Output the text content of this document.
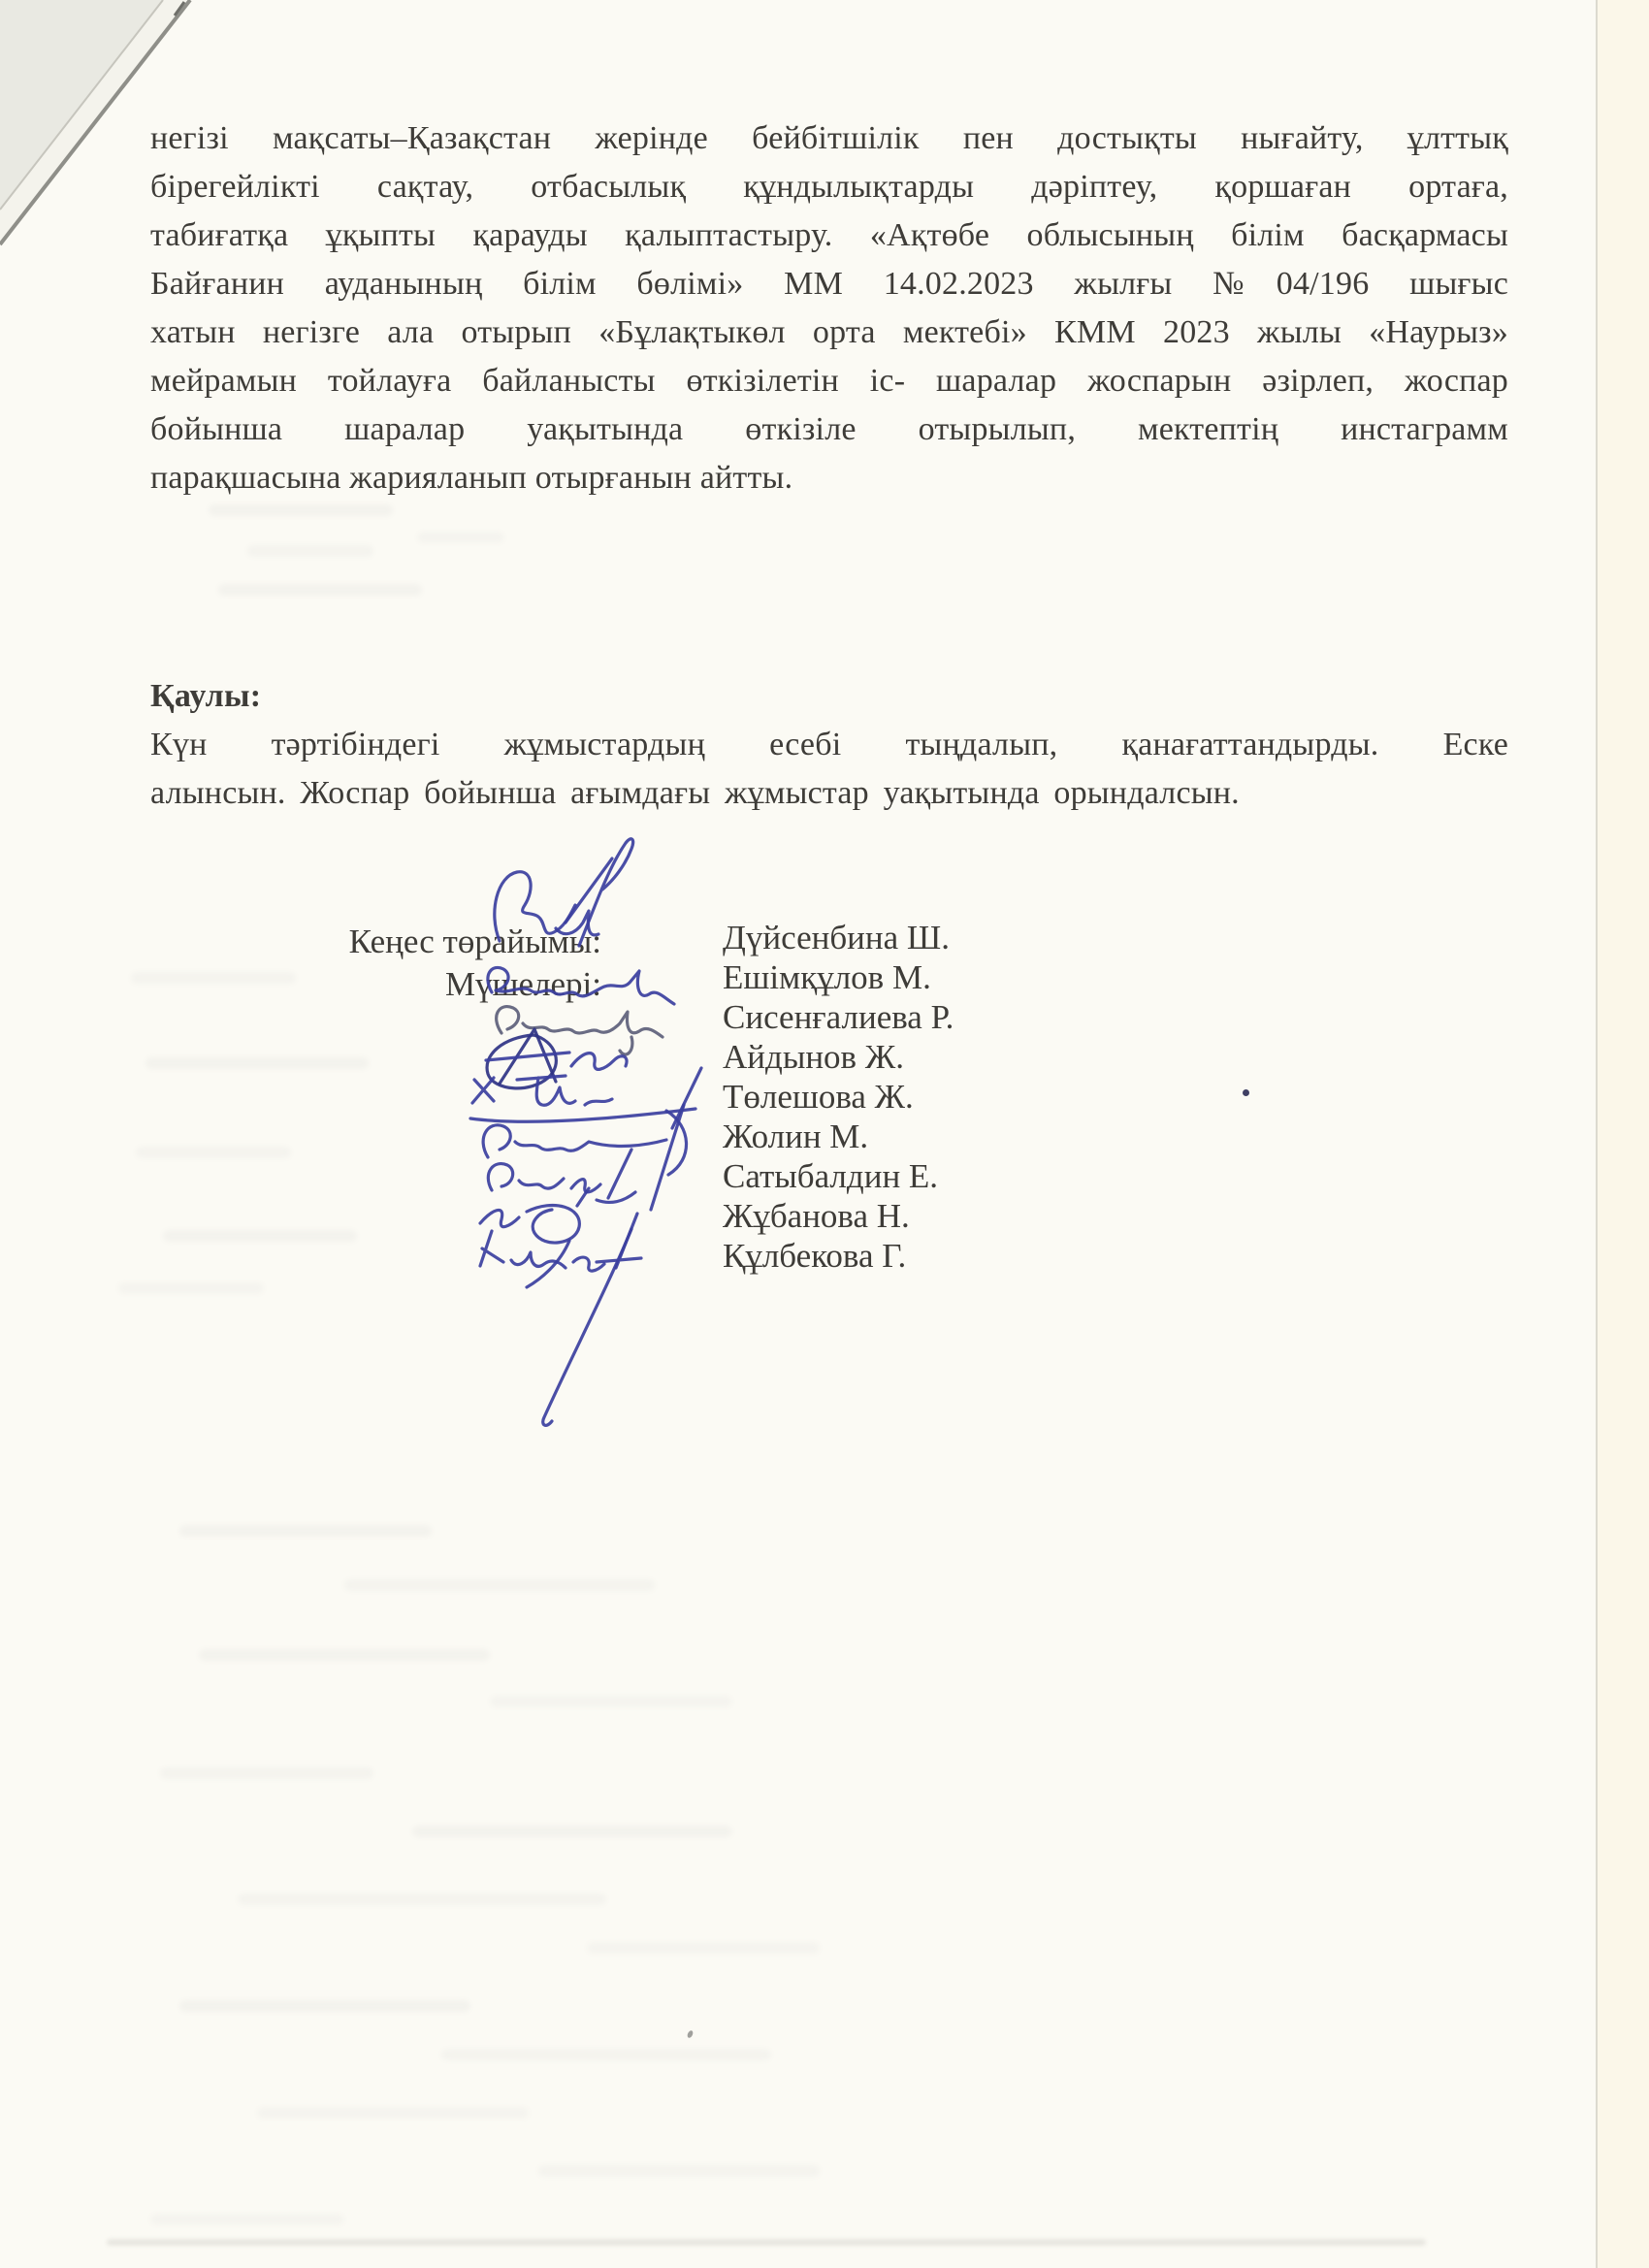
негізі мақсаты–Қазақстан жерінде бейбітшілік пен достықты нығайту, ұлттық
бірегейлікті сақтау, отбасылық құндылықтарды дәріптеу, қоршаған ортаға,
табиғатқа ұқыпты қарауды қалыптастыру. «Ақтөбе облысының білім басқармасы
Байғанин ауданының білім бөлімі» ММ 14.02.2023 жылғы №04/196 шығыс
хатын негізге ала отырып «Бұлақтыкөл орта мектебі» КММ 2023 жылы «Наурыз»
мейрамын тойлауға байланысты өткізілетін іс- шаралар жоспарын әзірлеп, жоспар
бойынша шаралар уақытында өткізіле отырылып, мектептің инстаграмм
парақшасына жарияланып отырғанын айтты.
Қаулы:
Күн тәртібіндегі жұмыстардың есебі тыңдалып, қанағаттандырды. Еске
алынсын. Жоспар бойынша ағымдағы жұмыстар уақытында орындалсын.
Кеңес төрайымы:
Мүшелері:
Дүйсенбина Ш.
Ешімқұлов М.
Сисенғалиева Р.
Айдынов Ж.
Төлешова Ж.
Жолин М.
Сатыбалдин Е.
Жұбанова Н.
Құлбекова Г.
